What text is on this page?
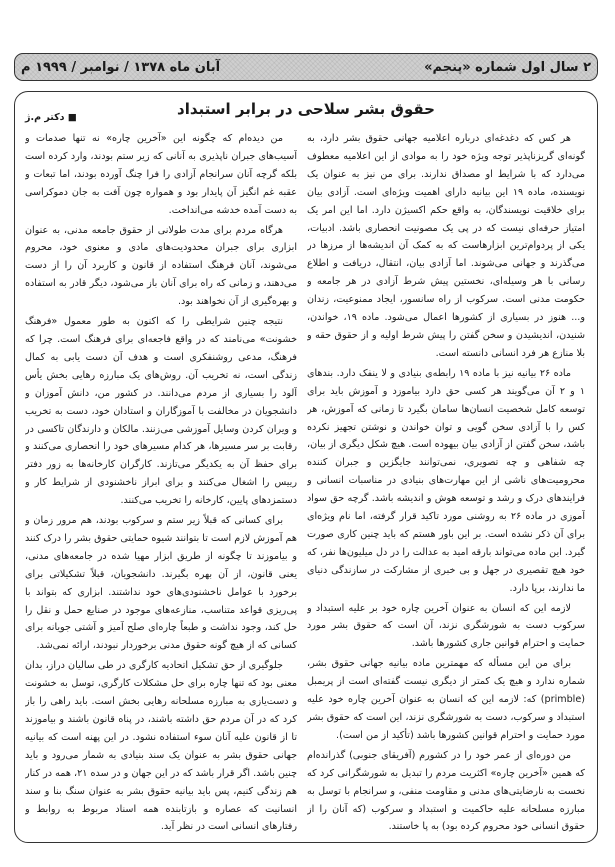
۲ سال اول شماره «پنجم»
آبان ماه ۱۳۷۸ / نوامبر / ۱۹۹۹ م
حقوق بشر سلاحی در برابر استبداد
■ دکتر م.ژ

هر کس که دغدغه‌ای درباره اعلامیه جهانی حقوق بشر دارد، به گونه‌ای گریزناپذیر توجه ویژه خود را به موادی از این اعلامیه معطوف می‌دارد که با شرایط او مصداق ندارند. برای من نیز به عنوان یک نویسنده، ماده ۱۹ این بیانیه دارای اهمیت ویژه‌ای است. آزادی بیان برای خلاقیت نویسندگان، به واقع حکم اکسیژن دارد. اما این امر یک امتیاز حرفه‌ای نیست که در پی یک مصونیت انحصاری باشد. ادبیات، یکی از پردوام‌ترین ابزارهاست که به کمک آن اندیشه‌ها از مرزها در می‌گذرند و جهانی می‌شوند. اما آزادی بیان، انتقال، دریافت و اطلاع رسانی با هر وسیله‌ای، نخستین پیش شرط آزادی در هر جامعه و حکومت مدنی است. سرکوب از راه سانسور، ایجاد ممنوعیت، زندان و... هنوز در بسیاری از کشورها اعمال می‌شود. ماده ۱۹، خواندن، شنیدن، اندیشیدن و سخن گفتن را پیش شرط اولیه و از حقوق حقه و بلا منازع هر فرد انسانی دانسته است.

ماده ۲۶ بیانیه نیز با ماده ۱۹ رابطه‌ی بنیادی و لا ینفک دارد. بندهای ۱ و ۲ آن می‌گویند هر کسی حق دارد بیاموزد و آموزش باید برای توسعه کامل شخصیت انسان‌ها سامان بگیرد تا زمانی که آموزش، هر کس را با آزادی سخن گویی و توان خواندن و نوشتن تجهیز نکرده باشد، سخن گفتن از آزادی بیان بیهوده است. هیچ شکل دیگری از بیان، چه شفاهی و چه تصویری، نمی‌توانند جایگزین و جبران کننده محرومیت‌های ناشی از این مهارت‌های بنیادی در مناسبات انسانی و فرایندهای درک و رشد و توسعه هوش و اندیشه باشد. گرچه حق سواد آموزی در ماده ۲۶ به روشنی مورد تاکید قرار گرفته، اما نام ویژه‌ای برای آن ذکر نشده است. بر این باور هستم که باید چنین کاری صورت گیرد. این ماده می‌تواند بارقه امید به عدالت را در دل میلیون‌ها نفر، که خود هیچ تقصیری در جهل و بی خبری از مشارکت در سازندگی دنیای ما ندارند، برپا دارد.

لازمه این که انسان به عنوان آخرین چاره خود بر علیه استبداد و سرکوب دست به شورشگری نزند، آن است که حقوق بشر مورد حمایت و احترام قوانین جاری کشورها باشد.

برای من این مسأله که مهمترین ماده بیانیه جهانی حقوق بشر، شماره ندارد و هیچ یک کمتر از دیگری نیست گفته‌ای است از پریمبل (primble) که: لازمه این که انسان به عنوان آخرین چاره خود علیه استبداد و سرکوب، دست به شورشگری نزند، این است که حقوق بشر مورد حمایت و احترام قوانین کشورها باشد (تأکید از من است).

من دوره‌ای از عمر خود را در کشورم (آفریقای جنوبی) گذرانده‌ام که همین «آخرین چاره» اکثریت مردم را تبدیل به شورشگرانی کرد که نخست به نارضایتی‌های مدنی و مقاومت منفی، و سرانجام با توسل به مبارزه مسلحانه علیه حاکمیت و استبداد و سرکوب (که آنان را از حقوق انسانی خود محروم کرده بود) به پا خاستند.

من دیده‌ام که چگونه این «آخرین چاره» نه تنها صدمات و آسیب‌های جبران ناپذیری به آنانی که زیر ستم بودند، وارد کرده است بلکه گرچه آنان سرانجام آزادی را فرا چنگ آورده بودند، اما تبعات و عقبه غم انگیز آن پایدار بود و همواره چون آفت به جان دموکراسی به دست آمده خدشه می‌انداخت.

هرگاه مردم برای مدت طولانی از حقوق جامعه مدنی، به عنوان ابزاری برای جبران محدودیت‌های مادی و معنوی خود، محروم می‌شوند، آنان فرهنگ استفاده از قانون و کاربرد آن را از دست می‌دهند، و زمانی که راه برای آنان باز می‌شود، دیگر قادر به استفاده و بهره‌گیری از آن نخواهند بود.

نتیجه چنین شرایطی را که اکنون به طور معمول «فرهنگ خشونت» می‌نامند که در واقع فاجعه‌ای برای فرهنگ است. چرا که فرهنگ، مدعی روشنفکری است و هدف آن دست یابی به کمال زندگی است، نه تخریب آن. روش‌های یک مبارزه رهایی بخش یأس آلود را بسیاری از مردم می‌دانند. در کشور من، دانش آموزان و دانشجویان در مخالفت با آموزگاران و استادان خود، دست به تخریب و ویران کردن وسایل آموزشی می‌زنند. مالکان و دارندگان تاکسی در رقابت بر سر مسیرها، هر کدام مسیرهای خود را انحصاری می‌کنند و برای حفظ آن به یکدیگر می‌تازند. کارگران کارخانه‌ها به زور دفتر رییس را اشغال می‌کنند و برای ابراز ناخشنودی از شرایط کار و دستمزدهای پایین، کارخانه را تخریب می‌کنند.

برای کسانی که قبلاً زیر ستم و سرکوب بودند، هم مرور زمان و هم آموزش لازم است تا بتوانند شیوه حمایتی حقوق بشر را درک کنند و بیاموزند تا چگونه از طریق ابزار مهیا شده در جامعه‌های مدنی، یعنی قانون، از آن بهره بگیرند. دانشجویان، قبلاً تشکیلاتی برای برخورد با عوامل ناخشنودی‌های خود نداشتند. ابزاری که بتواند با پی‌ریزی قواعد متناسب، منازعه‌های موجود در صنایع حمل و نقل را حل کند، وجود نداشت و طبعاً چاره‌ای صلح آمیز و آشتی جویانه برای کسانی که از هیچ گونه حقوق مدنی برخوردار نبودند، ارائه نمی‌شد.

جلوگیری از حق تشکیل اتحادیه کارگری در طی سالیان دراز، بدان معنی بود که تنها چاره برای حل مشکلات کارگری، توسل به خشونت و دست‌یازی به مبارزه مسلحانه رهایی بخش است. باید راهی را باز کرد که در آن مردم حق داشته باشند، در پناه قانون باشند و بیاموزند تا از قانون علیه آنان سوء استفاده نشود. در این پهنه است که بیانیه جهانی حقوق بشر به عنوان یک سند بنیادی به شمار می‌رود و باید چنین باشد. اگر قرار باشد که در این جهان و در سده ۲۱، همه در کنار هم زندگی کنیم، پس باید بیانیه حقوق بشر به عنوان سنگ بنا و سند انسانیت که عصاره و بازتابنده همه اسناد مربوط به روابط و رفتارهای انسانی است در نظر آید.
